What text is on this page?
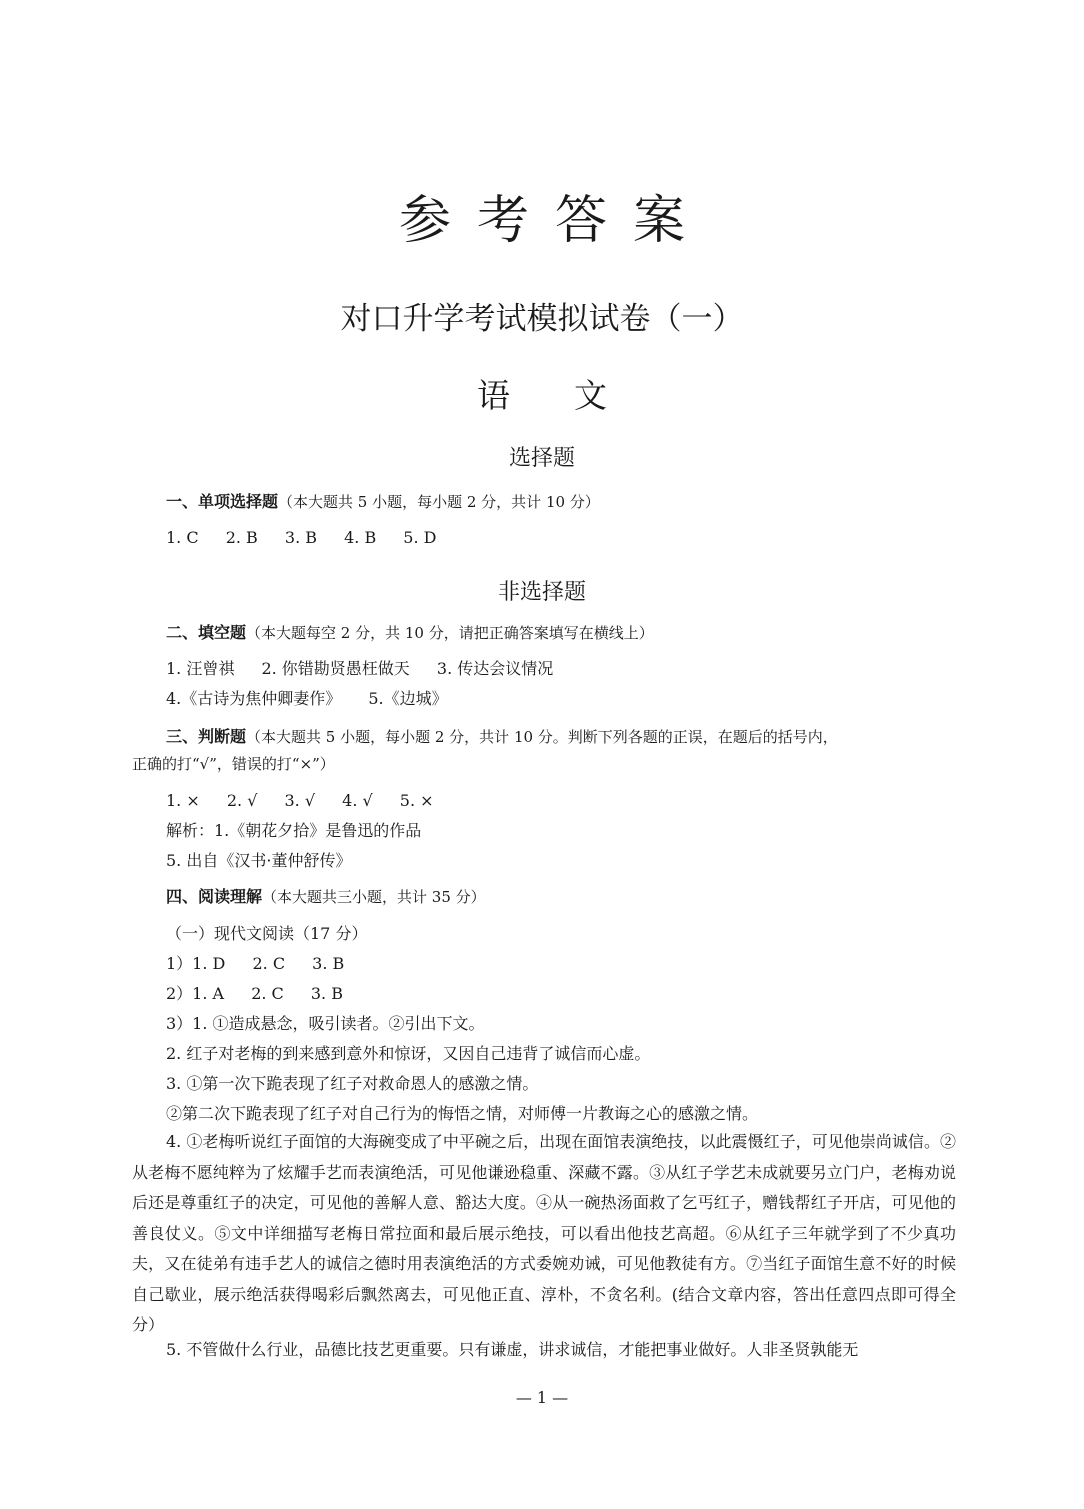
参考答案
对口升学考试模拟试卷（一）
语文
选择题
一、单项选择题（本大题共 5 小题，每小题 2 分，共计 10 分）
1. C 2. B 3. B 4. B 5. D
非选择题
二、填空题（本大题每空 2 分，共 10 分，请把正确答案填写在横线上）
1. 汪曾祺 2. 你错勘贤愚枉做天 3. 传达会议情况
4.《古诗为焦仲卿妻作》 5.《边城》
三、判断题（本大题共 5 小题，每小题 2 分，共计 10 分。判断下列各题的正误，在题后的括号内，
正确的打“√”，错误的打“×”）
1. × 2. √ 3. √ 4. √ 5. ×
解析：1.《朝花夕拾》是鲁迅的作品
5. 出自《汉书·董仲舒传》
四、阅读理解（本大题共三小题，共计 35 分）
（一）现代文阅读（17 分）
1）1. D 2. C 3. B
2）1. A 2. C 3. B
3）1. ①造成悬念，吸引读者。②引出下文。
2. 红子对老梅的到来感到意外和惊讶，又因自己违背了诚信而心虚。
3. ①第一次下跪表现了红子对救命恩人的感激之情。
②第二次下跪表现了红子对自己行为的悔悟之情，对师傅一片教诲之心的感激之情。
4. ①老梅听说红子面馆的大海碗变成了中平碗之后，出现在面馆表演绝技，以此震慑红子，可见他崇尚诚信。②从老梅不愿纯粹为了炫耀手艺而表演绝活，可见他谦逊稳重、深藏不露。③从红子学艺未成就要另立门户，老梅劝说后还是尊重红子的决定，可见他的善解人意、豁达大度。④从一碗热汤面救了乞丐红子，赠钱帮红子开店，可见他的善良仗义。⑤文中详细描写老梅日常拉面和最后展示绝技，可以看出他技艺高超。⑥从红子三年就学到了不少真功夫，又在徒弟有违手艺人的诚信之德时用表演绝活的方式委婉劝诫，可见他教徒有方。⑦当红子面馆生意不好的时候自己歇业，展示绝活获得喝彩后飘然离去，可见他正直、淳朴，不贪名利。(结合文章内容，答出任意四点即可得全分）
5. 不管做什么行业，品德比技艺更重要。只有谦虚，讲求诚信，才能把事业做好。人非圣贤孰能无
— 1 —
